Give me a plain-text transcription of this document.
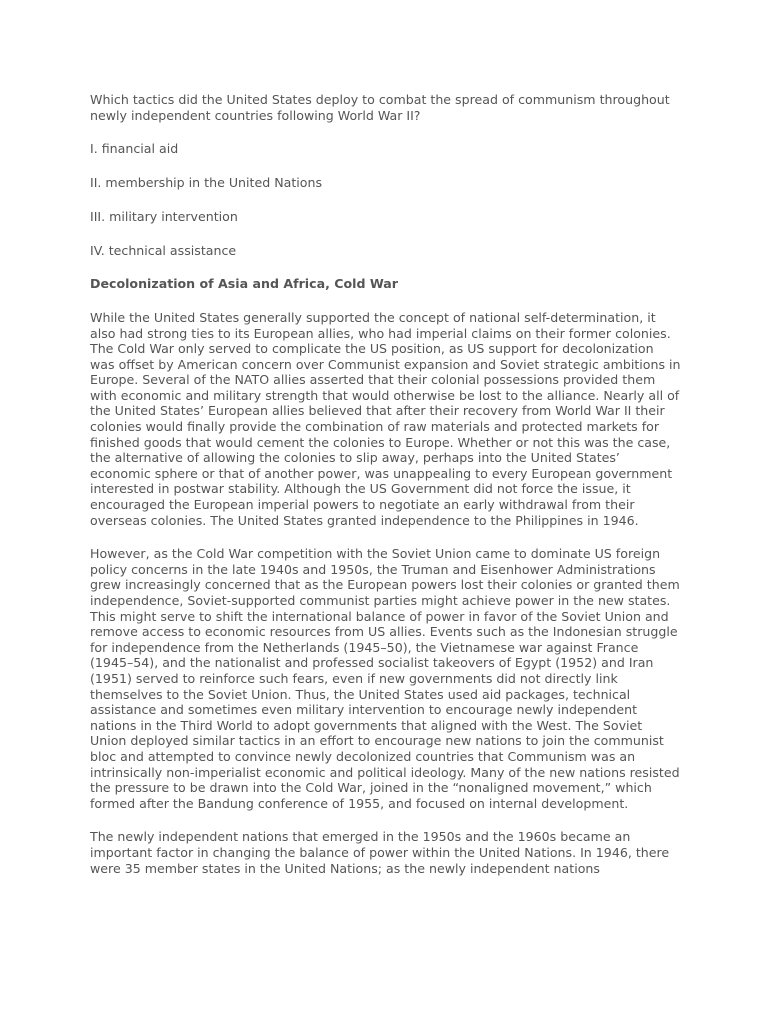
Which tactics did the United States deploy to combat the spread of communism throughout newly independent countries following World War II?

I. financial aid

II. membership in the United Nations

III. military intervention

IV. technical assistance

Decolonization of Asia and Africa, Cold War

While the United States generally supported the concept of national self-determination, it also had strong ties to its European allies, who had imperial claims on their former colonies. The Cold War only served to complicate the US position, as US support for decolonization was offset by American concern over Communist expansion and Soviet strategic ambitions in Europe. Several of the NATO allies asserted that their colonial possessions provided them with economic and military strength that would otherwise be lost to the alliance. Nearly all of the United States’ European allies believed that after their recovery from World War II their colonies would finally provide the combination of raw materials and protected markets for finished goods that would cement the colonies to Europe. Whether or not this was the case, the alternative of allowing the colonies to slip away, perhaps into the United States’ economic sphere or that of another power, was unappealing to every European government interested in postwar stability. Although the US Government did not force the issue, it encouraged the European imperial powers to negotiate an early withdrawal from their overseas colonies. The United States granted independence to the Philippines in 1946.

However, as the Cold War competition with the Soviet Union came to dominate US foreign policy concerns in the late 1940s and 1950s, the Truman and Eisenhower Administrations grew increasingly concerned that as the European powers lost their colonies or granted them independence, Soviet-supported communist parties might achieve power in the new states. This might serve to shift the international balance of power in favor of the Soviet Union and remove access to economic resources from US allies. Events such as the Indonesian struggle for independence from the Netherlands (1945–50), the Vietnamese war against France (1945–54), and the nationalist and professed socialist takeovers of Egypt (1952) and Iran (1951) served to reinforce such fears, even if new governments did not directly link themselves to the Soviet Union. Thus, the United States used aid packages, technical assistance and sometimes even military intervention to encourage newly independent nations in the Third World to adopt governments that aligned with the West. The Soviet Union deployed similar tactics in an effort to encourage new nations to join the communist bloc and attempted to convince newly decolonized countries that Communism was an intrinsically non-imperialist economic and political ideology. Many of the new nations resisted the pressure to be drawn into the Cold War, joined in the “nonaligned movement,” which formed after the Bandung conference of 1955, and focused on internal development.

The newly independent nations that emerged in the 1950s and the 1960s became an important factor in changing the balance of power within the United Nations. In 1946, there were 35 member states in the United Nations; as the newly independent nations
